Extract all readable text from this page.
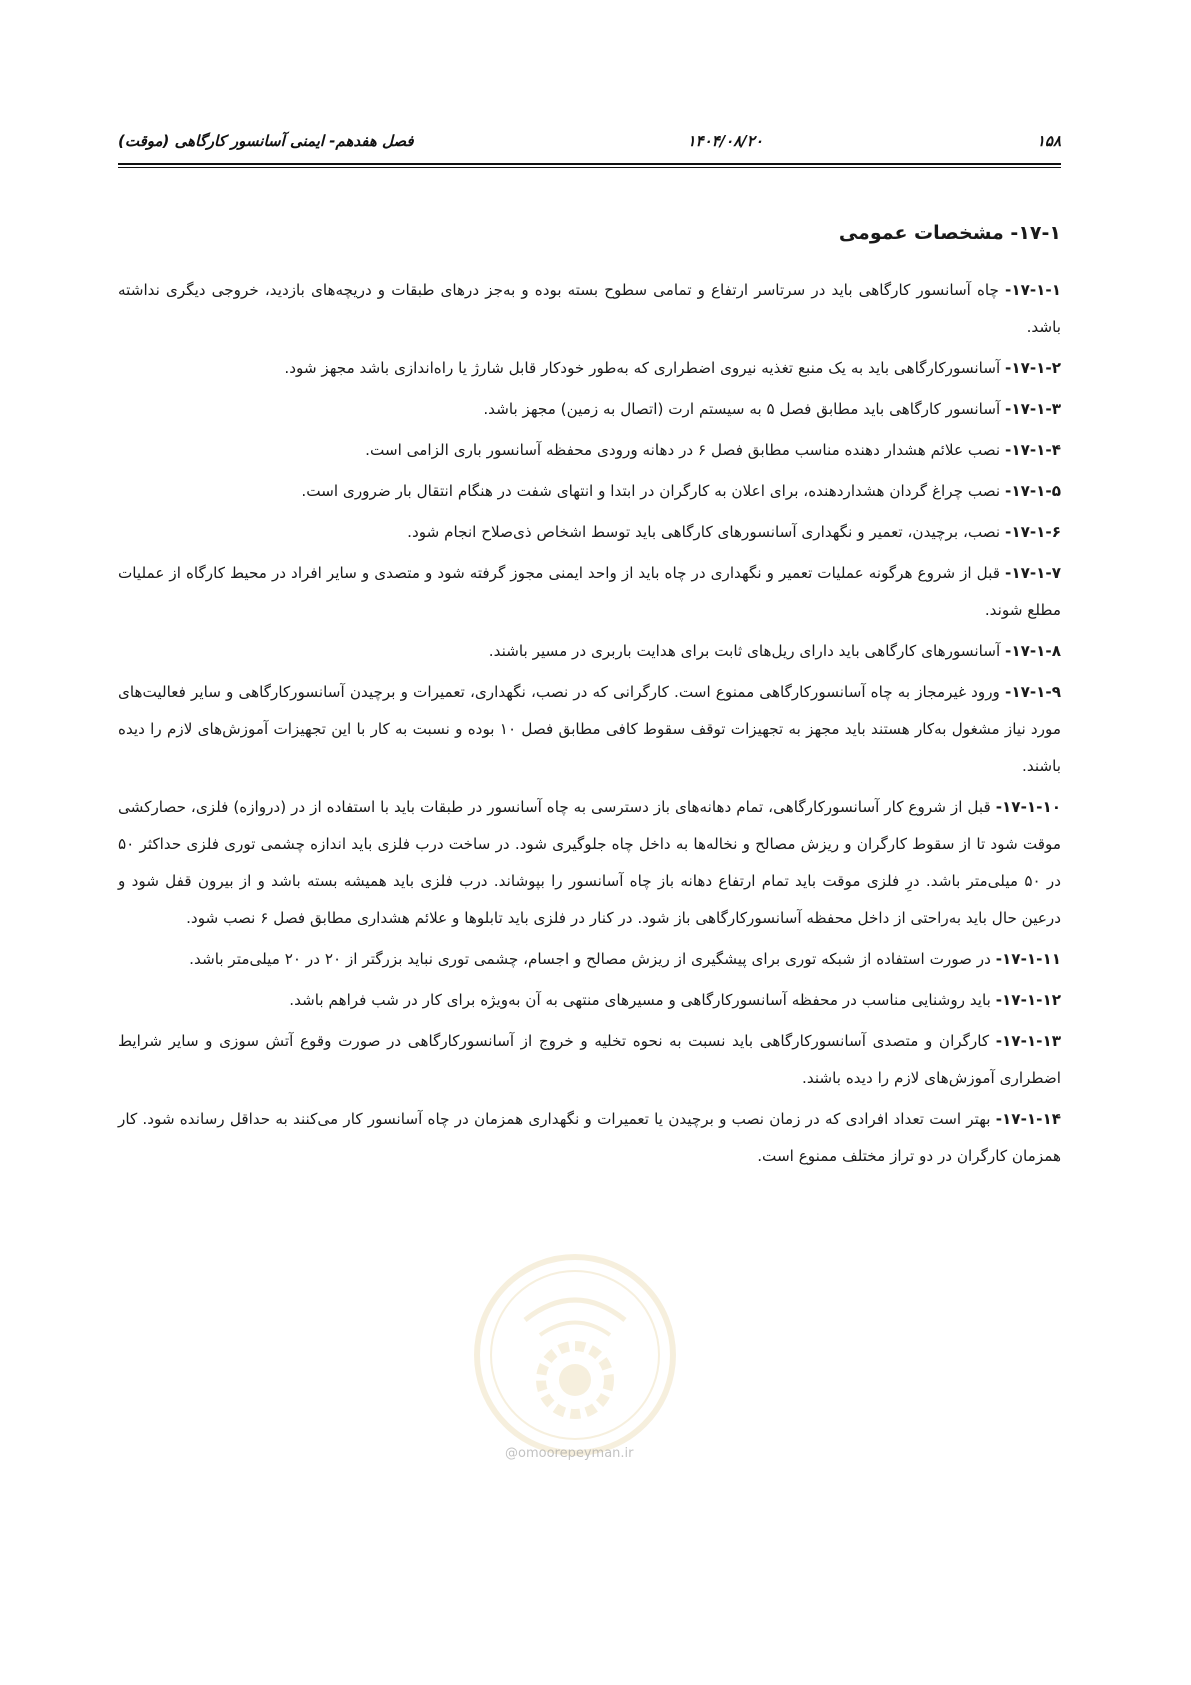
۱۵۸
۱۴۰۴/۰۸/۲۰
فصل هفدهم- ایمنی آسانسور کارگاهی (موقت)
۱۷-۱- مشخصات عمومی

۱۷-۱-۱- چاه آسانسور کارگاهی باید در سرتاسر ارتفاع و تمامی سطوح بسته بوده و به‌جز درهای طبقات و دریچه‌های بازدید، خروجی دیگری نداشته باشد.

۱۷-۱-۲- آسانسورکارگاهی باید به یک منبع تغذیه نیروی اضطراری که به‌طور خودکار قابل شارژ یا راه‌اندازی باشد مجهز شود.

۱۷-۱-۳- آسانسور کارگاهی باید مطابق فصل ۵ به سیستم ارت (اتصال به زمین) مجهز باشد.

۱۷-۱-۴- نصب علائم هشدار دهنده مناسب مطابق فصل ۶ در دهانه ورودی محفظه آسانسور باری الزامی است.

۱۷-۱-۵- نصب چراغ گردان هشداردهنده، برای اعلان به کارگران در ابتدا و انتهای شفت در هنگام انتقال بار ضروری است.

۱۷-۱-۶- نصب، برچیدن، تعمیر و نگهداری آسانسورهای کارگاهی باید توسط اشخاص ذی‌صلاح انجام شود.

۱۷-۱-۷- قبل از شروع هرگونه عملیات تعمیر و نگهداری در چاه باید از واحد ایمنی مجوز گرفته شود و متصدی و سایر افراد در محیط کارگاه از عملیات مطلع شوند.

۱۷-۱-۸- آسانسورهای کارگاهی باید دارای ریل‌های ثابت برای هدایت باربری در مسیر باشند.

۱۷-۱-۹- ورود غیرمجاز به چاه آسانسورکارگاهی ممنوع است. کارگرانی که در نصب، نگهداری، تعمیرات و برچیدن آسانسورکارگاهی و سایر فعالیت‌های مورد نیاز مشغول به‌کار هستند باید مجهز به تجهیزات توقف سقوط کافی مطابق فصل ۱۰ بوده و نسبت به کار با این تجهیزات آموزش‌های لازم را دیده باشند.

۱۷-۱-۱۰- قبل از شروع کار آسانسورکارگاهی، تمام دهانه‌های باز دسترسی به چاه آسانسور در طبقات باید با استفاده از در (دروازه) فلزی، حصارکشی موقت شود تا از سقوط کارگران و ریزش مصالح و نخاله‌ها به داخل چاه جلوگیری شود. در ساخت درب فلزی باید اندازه چشمی توری فلزی حداکثر ۵۰ در ۵۰ میلی‌متر باشد. درِ فلزی موقت باید تمام ارتفاع دهانه باز چاه آسانسور را بپوشاند. درب فلزی باید همیشه بسته باشد و از بیرون قفل شود و درعین حال باید به‌راحتی از داخل محفظه آسانسورکارگاهی باز شود. در کنار در فلزی باید تابلوها و علائم هشداری مطابق فصل ۶ نصب شود.

۱۷-۱-۱۱- در صورت استفاده از شبکه توری برای پیشگیری از ریزش مصالح و اجسام، چشمی توری نباید بزرگتر از ۲۰ در ۲۰ میلی‌متر باشد.

۱۷-۱-۱۲- باید روشنایی مناسب در محفظه آسانسورکارگاهی و مسیرهای منتهی به آن به‌ویژه برای کار در شب فراهم باشد.

۱۷-۱-۱۳- کارگران و متصدی آسانسورکارگاهی باید نسبت به نحوه تخلیه و خروج از آسانسورکارگاهی در صورت وقوع آتش سوزی و سایر شرایط اضطراری آموزش‌های لازم را دیده باشند.

۱۷-۱-۱۴- بهتر است تعداد افرادی که در زمان نصب و برچیدن یا تعمیرات و نگهداری همزمان در چاه آسانسور کار می‌کنند به حداقل رسانده شود. کار همزمان کارگران در دو تراز مختلف ممنوع است.

@omoorepeyman.ir
